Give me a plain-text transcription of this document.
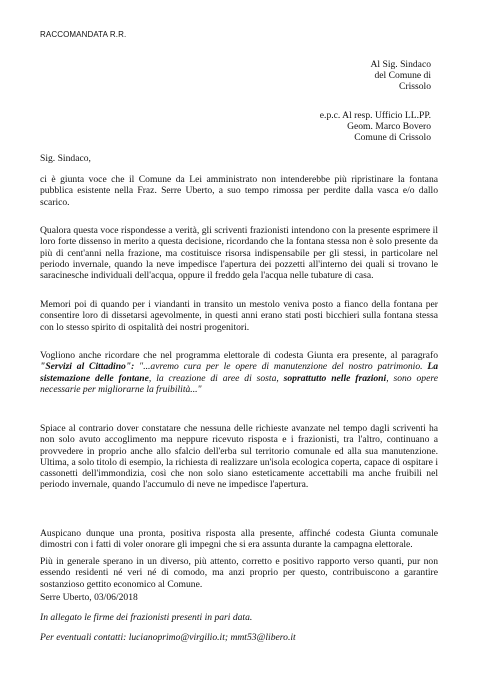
RACCOMANDATA R.R.
Al Sig. Sindaco
del Comune di
Crissolo
e.p.c. Al resp. Ufficio LL.PP.
Geom. Marco Bovero
Comune di Crissolo

Sig. Sindaco,

ci è giunta voce che il Comune da Lei amministrato non intenderebbe più ripristinare la fontana pubblica esistente nella Fraz. Serre Uberto, a suo tempo rimossa per perdite dalla vasca e/o dallo scarico.

Qualora questa voce rispondesse a verità, gli scriventi frazionisti intendono con la presente esprimere il loro forte dissenso in merito a questa decisione, ricordando che la fontana stessa non è solo presente da più di cent'anni nella frazione, ma costituisce risorsa indispensabile per gli stessi, in particolare nel periodo invernale, quando la neve impedisce l'apertura dei pozzetti all'interno dei quali si trovano le saracinesche individuali dell'acqua, oppure il freddo gela l'acqua nelle tubature di casa.

Memori poi di quando per i viandanti in transito un mestolo veniva posto a fianco della fontana per consentire loro di dissetarsi agevolmente, in questi anni erano stati posti bicchieri sulla fontana stessa con lo stesso spirito di ospitalità dei nostri progenitori.

Vogliono anche ricordare che nel programma elettorale di codesta Giunta era presente, al paragrafo "Servizi al Cittadino": "...avremo cura per le opere di manutenzione del nostro patrimonio. La sistemazione delle fontane, la creazione di aree di sosta, soprattutto nelle frazioni, sono opere necessarie per migliorarne la fruibilità..."

Spiace al contrario dover constatare che nessuna delle richieste avanzate nel tempo dagli scriventi ha non solo avuto accoglimento ma neppure ricevuto risposta e i frazionisti, tra l'altro, continuano a provvedere in proprio anche allo sfalcio dell'erba sul territorio comunale ed alla sua manutenzione. Ultima, a solo titolo di esempio, la richiesta di realizzare un'isola ecologica coperta, capace di ospitare i cassonetti dell'immondizia, così che non solo siano esteticamente accettabili ma anche fruibili nel periodo invernale, quando l'accumulo di neve ne impedisce l'apertura.

Auspicano dunque una pronta, positiva risposta alla presente, affinché codesta Giunta comunale dimostri con i fatti di voler onorare gli impegni che si era assunta durante la campagna elettorale.

Più in generale sperano in un diverso, più attento, corretto e positivo rapporto verso quanti, pur non essendo residenti né veri né di comodo, ma anzi proprio per questo, contribuiscono a garantire sostanzioso gettito economico al Comune.

Serre Uberto, 03/06/2018

In allegato le firme dei frazionisti presenti in pari data.

Per eventuali contatti: lucianoprimo@virgilio.it; mmt53@libero.it
